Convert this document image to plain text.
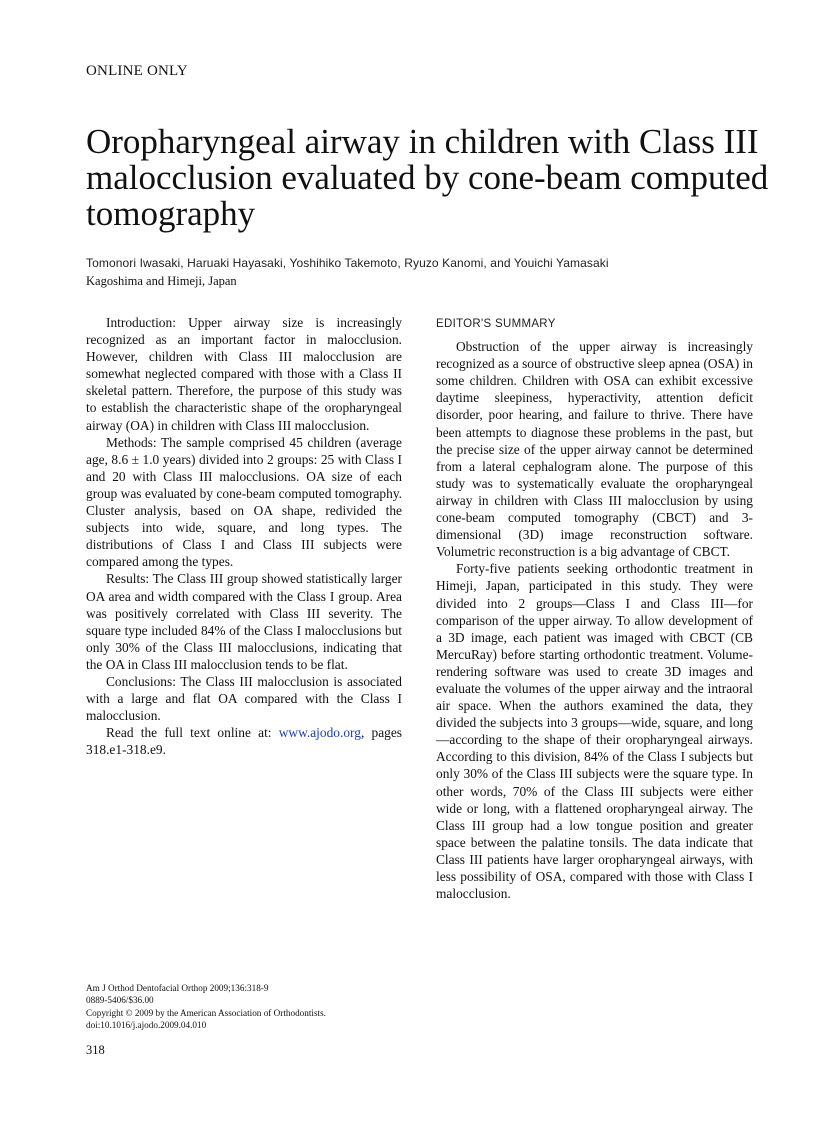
ONLINE ONLY
Oropharyngeal airway in children with Class III malocclusion evaluated by cone-beam computed tomography
Tomonori Iwasaki, Haruaki Hayasaki, Yoshihiko Takemoto, Ryuzo Kanomi, and Youichi Yamasaki
Kagoshima and Himeji, Japan

Introduction: Upper airway size is increasingly recognized as an important factor in malocclusion. However, children with Class III malocclusion are somewhat neglected compared with those with a Class II skeletal pattern. Therefore, the purpose of this study was to establish the characteristic shape of the oropharyngeal airway (OA) in children with Class III malocclusion.

Methods: The sample comprised 45 children (average age, 8.6 ± 1.0 years) divided into 2 groups: 25 with Class I and 20 with Class III malocclusions. OA size of each group was evaluated by cone-beam computed tomography. Cluster analysis, based on OA shape, redivided the subjects into wide, square, and long types. The distributions of Class I and Class III subjects were compared among the types.

Results: The Class III group showed statistically larger OA area and width compared with the Class I group. Area was positively correlated with Class III severity. The square type included 84% of the Class I malocclusions but only 30% of the Class III malocclusions, indicating that the OA in Class III malocclusion tends to be flat.

Conclusions: The Class III malocclusion is associated with a large and flat OA compared with the Class I malocclusion.

Read the full text online at: www.ajodo.org, pages 318.e1-318.e9.

EDITOR'S SUMMARY

Obstruction of the upper airway is increasingly recognized as a source of obstructive sleep apnea (OSA) in some children. Children with OSA can exhibit excessive daytime sleepiness, hyperactivity, attention deficit disorder, poor hearing, and failure to thrive. There have been attempts to diagnose these problems in the past, but the precise size of the upper airway cannot be determined from a lateral cephalogram alone. The purpose of this study was to systematically evaluate the oropharyngeal airway in children with Class III malocclusion by using cone-beam computed tomography (CBCT) and 3-dimensional (3D) image reconstruction software. Volumetric reconstruction is a big advantage of CBCT.

Forty-five patients seeking orthodontic treatment in Himeji, Japan, participated in this study. They were divided into 2 groups—Class I and Class III—for comparison of the upper airway. To allow development of a 3D image, each patient was imaged with CBCT (CB MercuRay) before starting orthodontic treatment. Volume-rendering software was used to create 3D images and evaluate the volumes of the upper airway and the intraoral air space. When the authors examined the data, they divided the subjects into 3 groups—wide, square, and long—according to the shape of their oropharyngeal airways. According to this division, 84% of the Class I subjects but only 30% of the Class III subjects were the square type. In other words, 70% of the Class III subjects were either wide or long, with a flattened oropharyngeal airway. The Class III group had a low tongue position and greater space between the palatine tonsils. The data indicate that Class III patients have larger oropharyngeal airways, with less possibility of OSA, compared with those with Class I malocclusion.

Am J Orthod Dentofacial Orthop 2009;136:318-9
0889-5406/$36.00
Copyright © 2009 by the American Association of Orthodontists.
doi:10.1016/j.ajodo.2009.04.010
318
